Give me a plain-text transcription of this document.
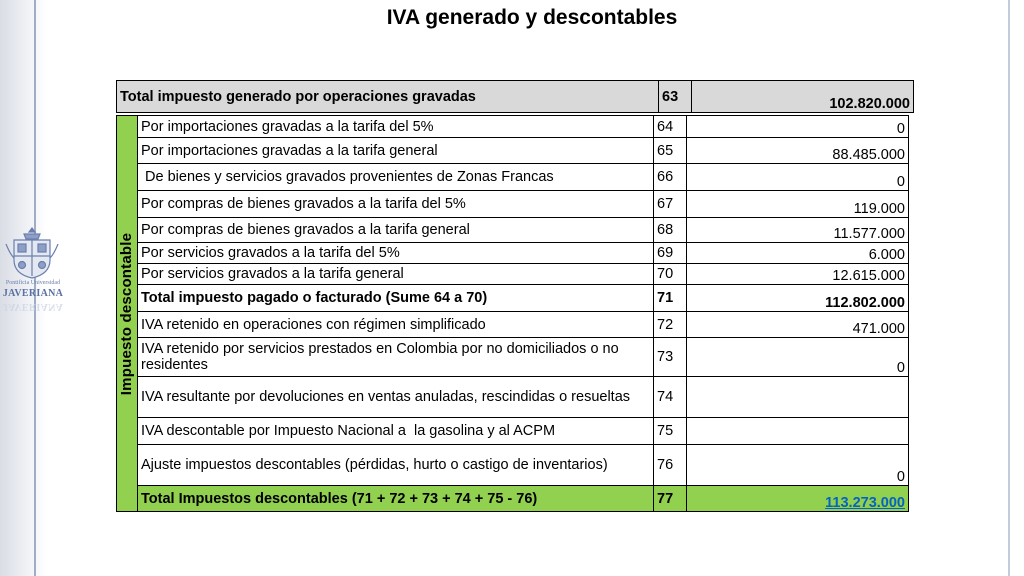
Pontificia Universidad
JAVERIANA
JAVERIANA
IVA generado y descontables
Total impuesto generado por operaciones gravadas	63	102.820.000
Impuesto descontable	Por importaciones gravadas a la tarifa del 5%	64	0
	Por importaciones gravadas a la tarifa general	65	88.485.000
	De bienes y servicios gravados provenientes de Zonas Francas	66	0
	Por compras de bienes gravados a la tarifa del 5%	67	119.000
	Por compras de bienes gravados a la tarifa general	68	11.577.000
	Por servicios gravados a la tarifa del 5%	69	6.000
	Por servicios gravados a la tarifa general	70	12.615.000
	Total impuesto pagado o facturado (Sume 64 a 70)	71	112.802.000
	IVA retenido en operaciones con régimen simplificado	72	471.000
	IVA retenido por servicios prestados en Colombia por no domiciliados o no residentes	73	0
	IVA resultante por devoluciones en ventas anuladas, rescindidas o resueltas	74	
	IVA descontable por Impuesto Nacional a  la gasolina y al ACPM	75	
	Ajuste impuestos descontables (pérdidas, hurto o castigo de inventarios)	76	0
	Total Impuestos descontables (71 + 72 + 73 + 74 + 75 - 76)	77	113.273.000
